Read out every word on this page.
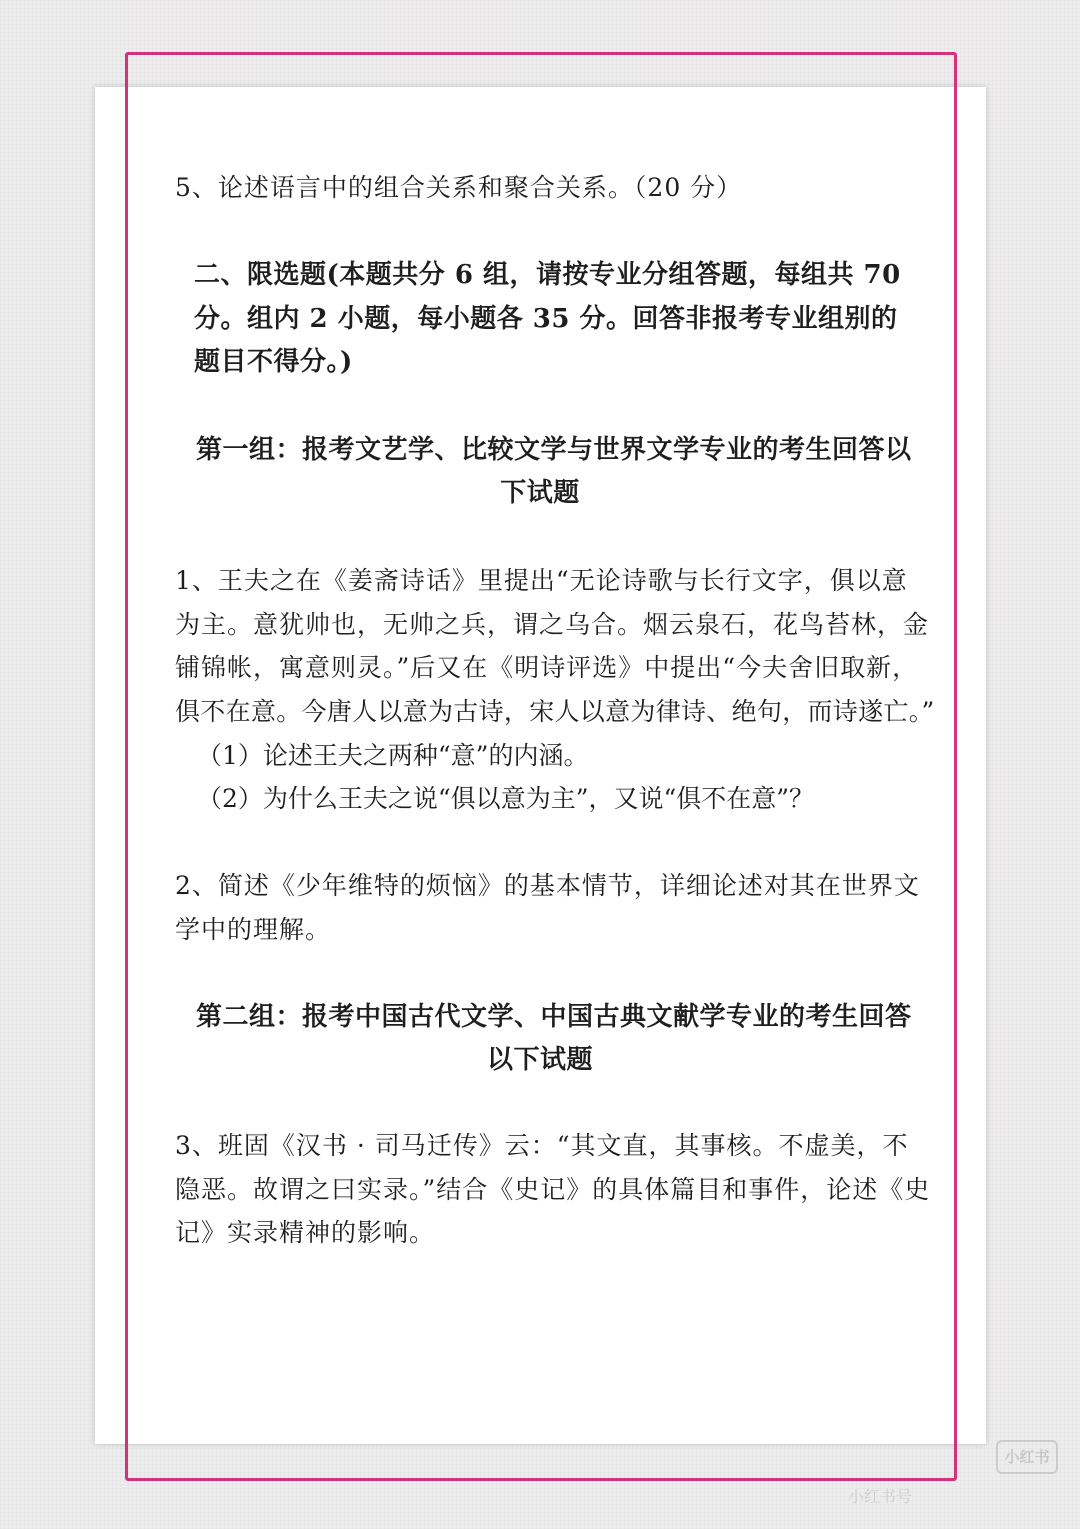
5、论述语言中的组合关系和聚合关系。（20 分）

二、限选题(本题共分 6 组，请按专业分组答题，每组共 70

分。组内 2 小题，每小题各 35 分。回答非报考专业组别的

题目不得分。)

第一组：报考文艺学、比较文学与世界文学专业的考生回答以

下试题

1、王夫之在《姜斋诗话》里提出“无论诗歌与长行文字，俱以意

为主。意犹帅也，无帅之兵，谓之乌合。烟云泉石，花鸟苔林，金

铺锦帐，寓意则灵。”后又在《明诗评选》中提出“今夫舍旧取新，

俱不在意。今唐人以意为古诗，宋人以意为律诗、绝句，而诗遂亡。”

（1）论述王夫之两种“意”的内涵。

（2）为什么王夫之说“俱以意为主”，又说“俱不在意”？

2、简述《少年维特的烦恼》的基本情节，详细论述对其在世界文

学中的理解。

第二组：报考中国古代文学、中国古典文献学专业的考生回答

以下试题

3、班固《汉书 · 司马迁传》云：“其文直，其事核。不虚美，不

隐恶。故谓之曰实录。”结合《史记》的具体篇目和事件，论述《史

记》实录精神的影响。

小红书
小红书号
